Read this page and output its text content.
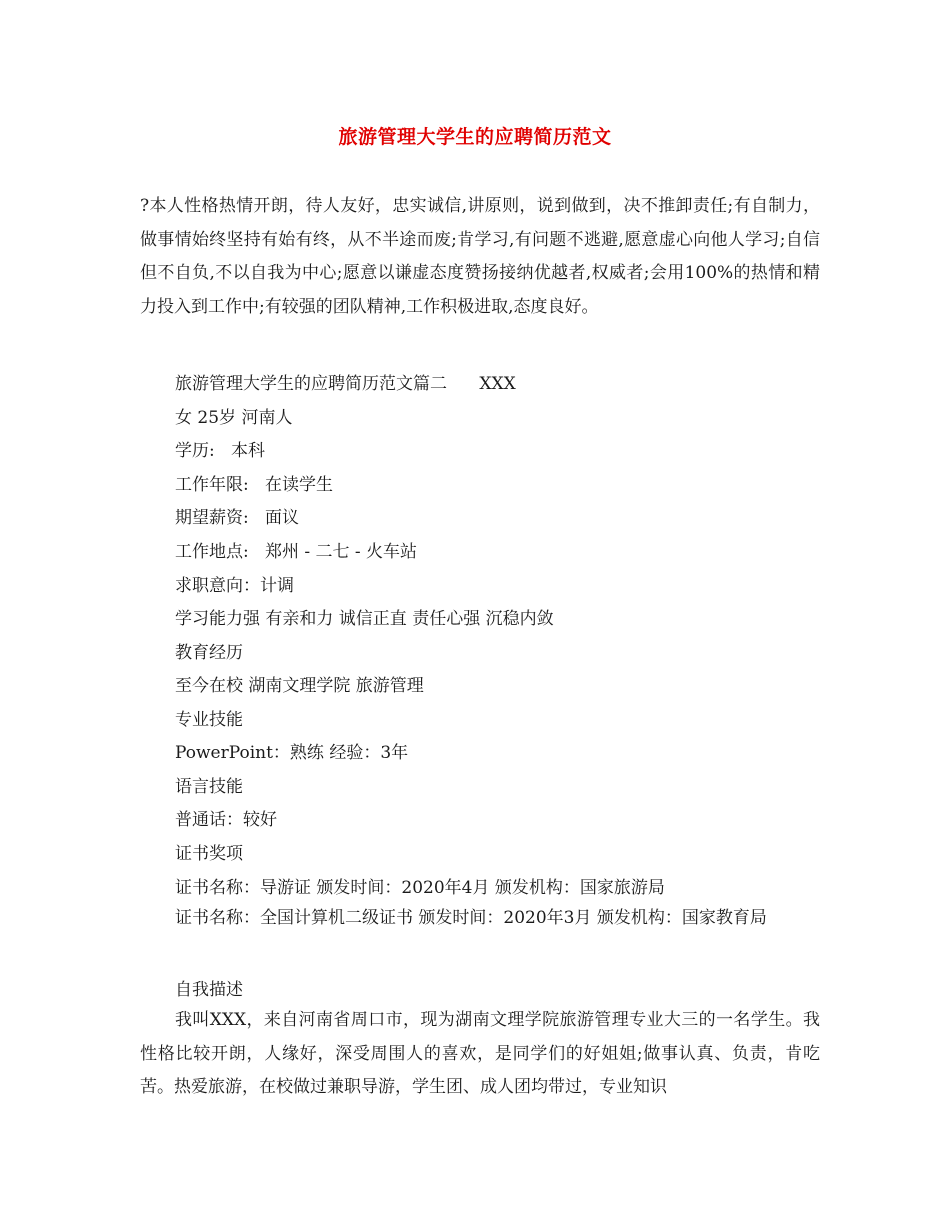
旅游管理大学生的应聘简历范文
?本人性格热情开朗，待人友好，忠实诚信,讲原则，说到做到，决不推卸责任;有自制力，做事情始终坚持有始有终，从不半途而废;肯学习,有问题不逃避,愿意虚心向他人学习;自信但不自负,不以自我为中心;愿意以谦虚态度赞扬接纳优越者,权威者;会用100%的热情和精力投入到工作中;有较强的团队精神,工作积极进取,态度良好。
旅游管理大学生的应聘简历范文篇二      XXX
女 25岁 河南人
学历:   本科
工作年限:   在读学生
期望薪资:   面议
工作地点:   郑州 - 二七 - 火车站
求职意向：计调
学习能力强 有亲和力 诚信正直 责任心强 沉稳内敛
教育经历
至今在校 湖南文理学院 旅游管理
专业技能
PowerPoint：熟练 经验：3年
语言技能
普通话：较好
证书奖项
证书名称：导游证 颁发时间：2020年4月 颁发机构：国家旅游局
证书名称：全国计算机二级证书 颁发时间：2020年3月 颁发机构：国家教育局
自我描述
我叫XXX，来自河南省周口市，现为湖南文理学院旅游管理专业大三的一名学生。我性格比较开朗，人缘好，深受周围人的喜欢，是同学们的好姐姐;做事认真、负责，肯吃苦。热爱旅游，在校做过兼职导游，学生团、成人团均带过，专业知识
